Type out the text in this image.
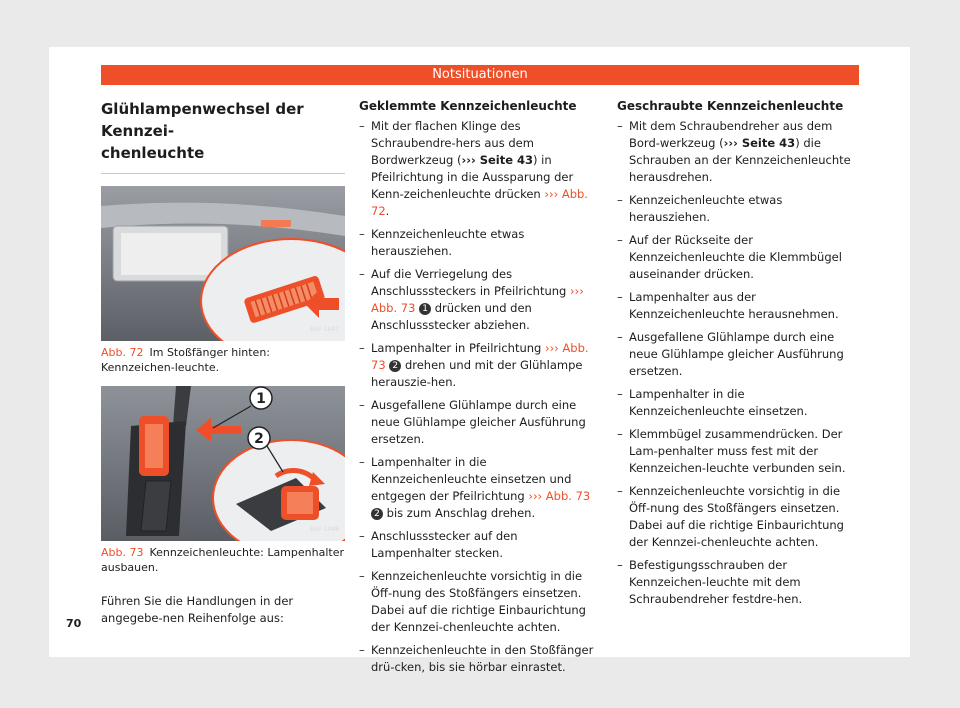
Notsituationen
Glühlampenwechsel der Kennzei-
chenleuchte
B5F-1047

Abb. 72 Im Stoßfänger hinten: Kennzeichen-leuchte.

1
2
B5F-1048

Abb. 73 Kennzeichenleuchte: Lampenhalter ausbauen.

Führen Sie die Handlungen in der angegebe-nen Reihenfolge aus:

Geklemmte Kennzeichenleuchte
– Mit der flachen Klinge des Schraubendre-hers aus dem Bordwerkzeug (››› Seite 43) in Pfeilrichtung in die Aussparung der Kenn-zeichenleuchte drücken ››› Abb. 72.
– Kennzeichenleuchte etwas herausziehen.
– Auf die Verriegelung des Anschlusssteckers in Pfeilrichtung ››› Abb. 73 1 drücken und den Anschlussstecker abziehen.
– Lampenhalter in Pfeilrichtung ››› Abb. 73 2 drehen und mit der Glühlampe herauszie-hen.
– Ausgefallene Glühlampe durch eine neue Glühlampe gleicher Ausführung ersetzen.
– Lampenhalter in die Kennzeichenleuchte einsetzen und entgegen der Pfeilrichtung ››› Abb. 73 2 bis zum Anschlag drehen.
– Anschlussstecker auf den Lampenhalter stecken.
– Kennzeichenleuchte vorsichtig in die Öff-nung des Stoßfängers einsetzen. Dabei auf die richtige Einbaurichtung der Kennzei-chenleuchte achten.
– Kennzeichenleuchte in den Stoßfänger drü-cken, bis sie hörbar einrastet.
Geschraubte Kennzeichenleuchte
– Mit dem Schraubendreher aus dem Bord-werkzeug (››› Seite 43) die Schrauben an der Kennzeichenleuchte herausdrehen.
– Kennzeichenleuchte etwas herausziehen.
– Auf der Rückseite der Kennzeichenleuchte die Klemmbügel auseinander drücken.
– Lampenhalter aus der Kennzeichenleuchte herausnehmen.
– Ausgefallene Glühlampe durch eine neue Glühlampe gleicher Ausführung ersetzen.
– Lampenhalter in die Kennzeichenleuchte einsetzen.
– Klemmbügel zusammendrücken. Der Lam-penhalter muss fest mit der Kennzeichen-leuchte verbunden sein.
– Kennzeichenleuchte vorsichtig in die Öff-nung des Stoßfängers einsetzen. Dabei auf die richtige Einbaurichtung der Kennzei-chenleuchte achten.
– Befestigungsschrauben der Kennzeichen-leuchte mit dem Schraubendreher festdre-hen.
70
